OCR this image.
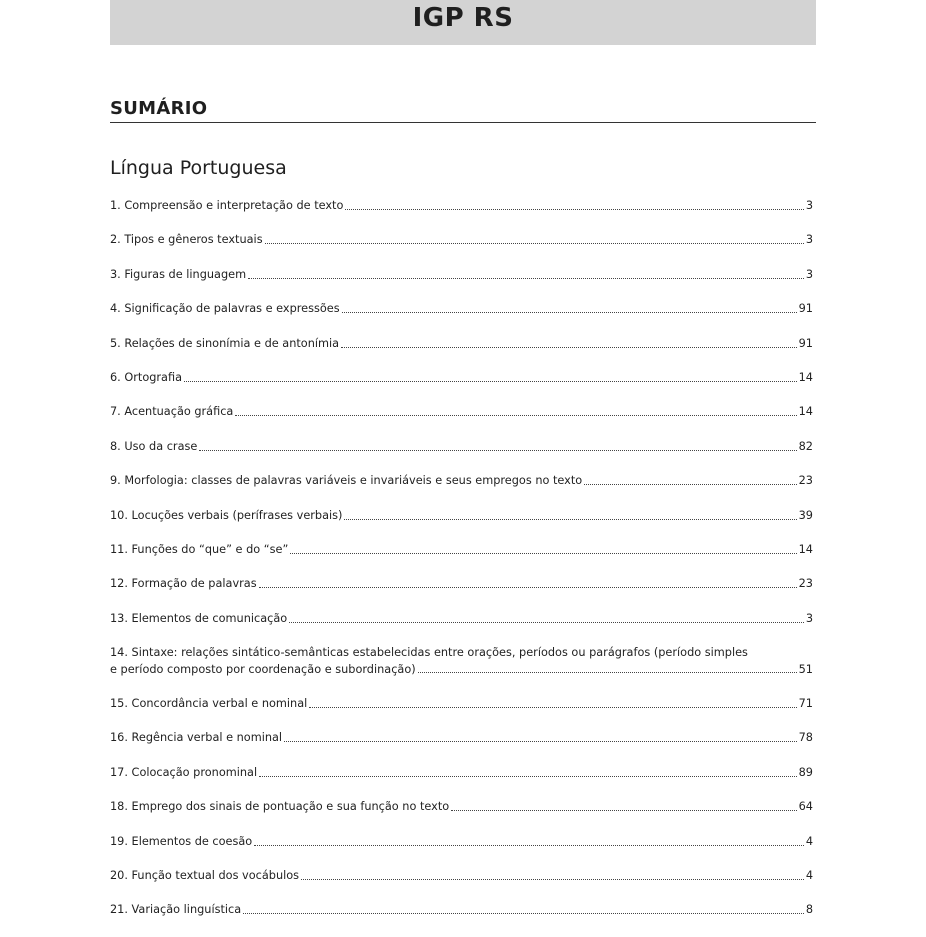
IGP RS
SUMÁRIO
Língua Portuguesa
1. Compreensão e interpretação de texto	3
2. Tipos e gêneros textuais	3
3. Figuras de linguagem	3
4. Significação de palavras e expressões	91
5. Relações de sinonímia e de antonímia	91
6. Ortografia	14
7. Acentuação gráfica	14
8. Uso da crase	82
9. Morfologia: classes de palavras variáveis e invariáveis e seus empregos no texto	23
10. Locuções verbais (perífrases verbais)	39
11. Funções do “que” e do “se”	14
12. Formação de palavras	23
13. Elementos de comunicação	3
14. Sintaxe: relações sintático-semânticas estabelecidas entre orações, períodos ou parágrafos (período simples
e período composto por coordenação e subordinação)	51
15. Concordância verbal e nominal	71
16. Regência verbal e nominal	78
17. Colocação pronominal	89
18. Emprego dos sinais de pontuação e sua função no texto	64
19. Elementos de coesão	4
20. Função textual dos vocábulos	4
21. Variação linguística	8
